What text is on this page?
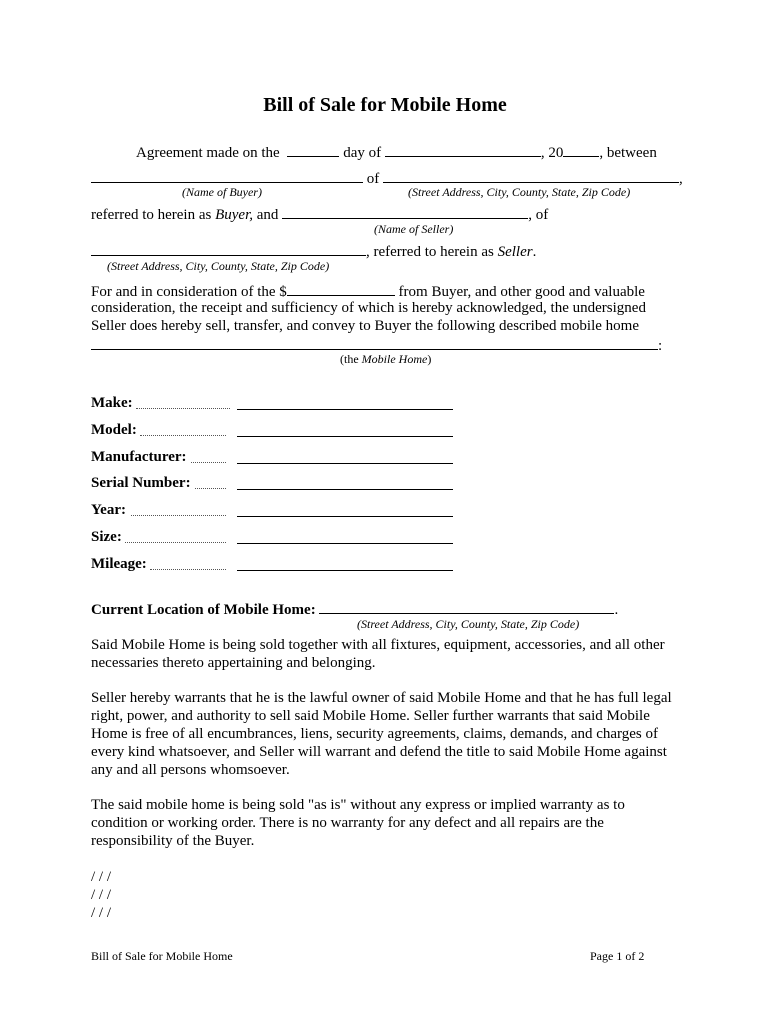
Bill of Sale for Mobile Home
Agreement made on the	day of	, 20 , between
of	,
(Name of Buyer)	(Street Address, City, County, State, Zip Code)
referred to herein as Buyer, and	, of
(Name of Seller)
, referred to herein as Seller.
(Street Address, City, County, State, Zip Code)
For and in consideration of the $	from Buyer, and other good and valuable
consideration, the receipt and sufficiency of which is hereby acknowledged, the undersigned
Seller does hereby sell, transfer, and convey to Buyer the following described mobile home
:
(the Mobile Home)
Make:
Model:
Manufacturer:
Serial Number:
Year:
Size:
Mileage:
Current Location of Mobile Home:	.
(Street Address, City, County, State, Zip Code)
Said Mobile Home is being sold together with all fixtures, equipment, accessories, and all other necessaries thereto appertaining and belonging.
Seller hereby warrants that he is the lawful owner of said Mobile Home and that he has full legal right, power, and authority to sell said Mobile Home. Seller further warrants that said Mobile Home is free of all encumbrances, liens, security agreements, claims, demands, and charges of every kind whatsoever, and Seller will warrant and defend the title to said Mobile Home against any and all persons whomsoever.
The said mobile home is being sold "as is" without any express or implied warranty as to condition or working order. There is no warranty for any defect and all repairs are the responsibility of the Buyer.
/ / /
/ / /
/ / /
Bill of Sale for Mobile Home	Page 1 of 2
